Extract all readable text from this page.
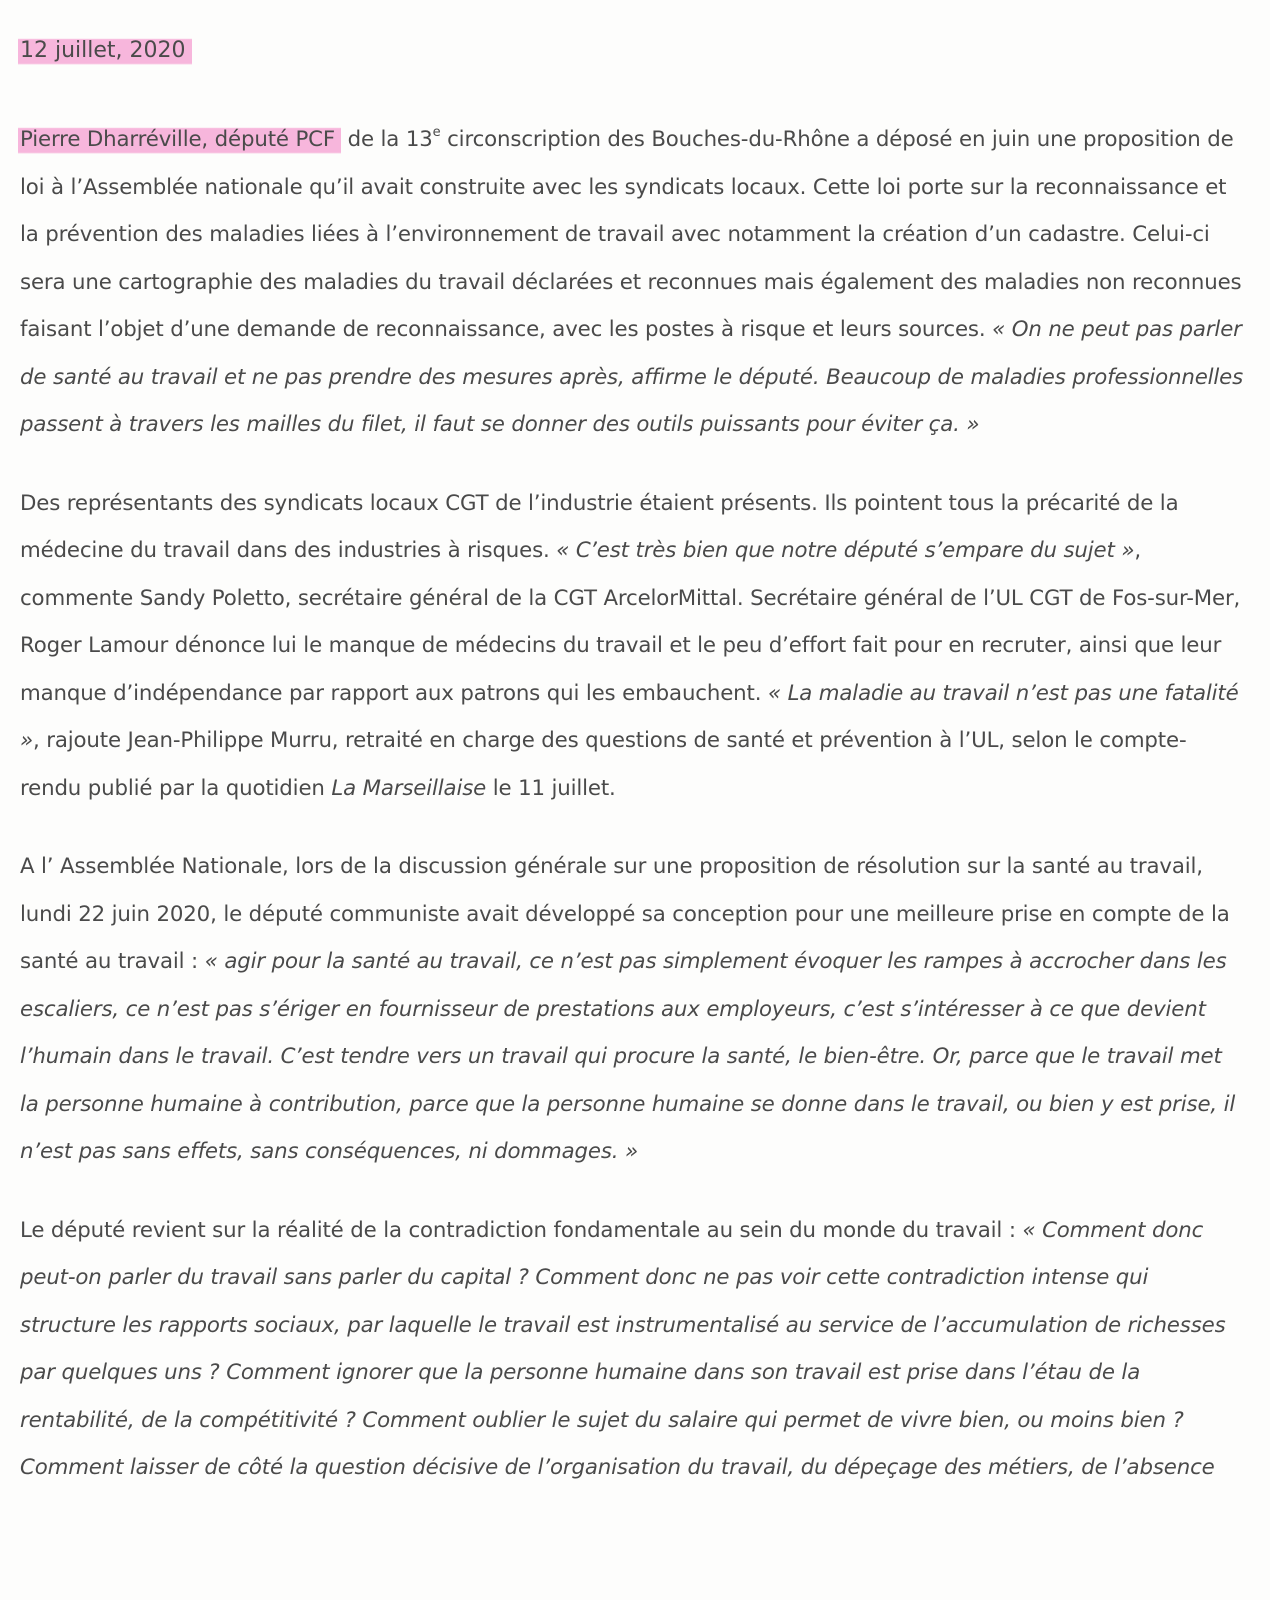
12 juillet, 2020

Pierre Dharréville, député PCF de la 13e circonscription des Bouches-du-Rhône a déposé en juin une proposition de loi à l’Assemblée nationale qu’il avait construite avec les syndicats locaux. Cette loi porte sur la reconnaissance et la prévention des maladies liées à l’environnement de travail avec notamment la création d’un cadastre. Celui-ci sera une cartographie des maladies du travail déclarées et reconnues mais également des maladies non reconnues faisant l’objet d’une demande de reconnaissance, avec les postes à risque et leurs sources. « On ne peut pas parler de santé au travail et ne pas prendre des mesures après, affirme le député. Beaucoup de maladies professionnelles passent à travers les mailles du filet, il faut se donner des outils puissants pour éviter ça. »

Des représentants des syndicats locaux CGT de l’industrie étaient présents. Ils pointent tous la précarité de la médecine du travail dans des industries à risques. « C’est très bien que notre député s’empare du sujet », commente Sandy Poletto, secrétaire général de la CGT ArcelorMittal. Secrétaire général de l’UL CGT de Fos-sur-Mer, Roger Lamour dénonce lui le manque de médecins du travail et le peu d’effort fait pour en recruter, ainsi que leur manque d’indépendance par rapport aux patrons qui les embauchent. « La maladie au travail n’est pas une fatalité », rajoute Jean-Philippe Murru, retraité en charge des questions de santé et prévention à l’UL, selon le compte-rendu publié par la quotidien La Marseillaise le 11 juillet.

A l’ Assemblée Nationale, lors de la discussion générale sur une proposition de résolution sur la santé au travail, lundi 22 juin 2020, le député communiste avait développé sa conception pour une meilleure prise en compte de la santé au travail : « agir pour la santé au travail, ce n’est pas simplement évoquer les rampes à accrocher dans les escaliers, ce n’est pas s’ériger en fournisseur de prestations aux employeurs, c’est s’intéresser à ce que devient l’humain dans le travail. C’est tendre vers un travail qui procure la santé, le bien-être. Or, parce que le travail met la personne humaine à contribution, parce que la personne humaine se donne dans le travail, ou bien y est prise, il n’est pas sans effets, sans conséquences, ni dommages. »

Le député revient sur la réalité de la contradiction fondamentale au sein du monde du travail : « Comment donc peut-on parler du travail sans parler du capital ? Comment donc ne pas voir cette contradiction intense qui structure les rapports sociaux, par laquelle le travail est instrumentalisé au service de l’accumulation de richesses par quelques uns ? Comment ignorer que la personne humaine dans son travail est prise dans l’étau de la rentabilité, de la compétitivité ? Comment oublier le sujet du salaire qui permet de vivre bien, ou moins bien ? Comment laisser de côté la question décisive de l’organisation du travail, du dépeçage des métiers, de l’absence
